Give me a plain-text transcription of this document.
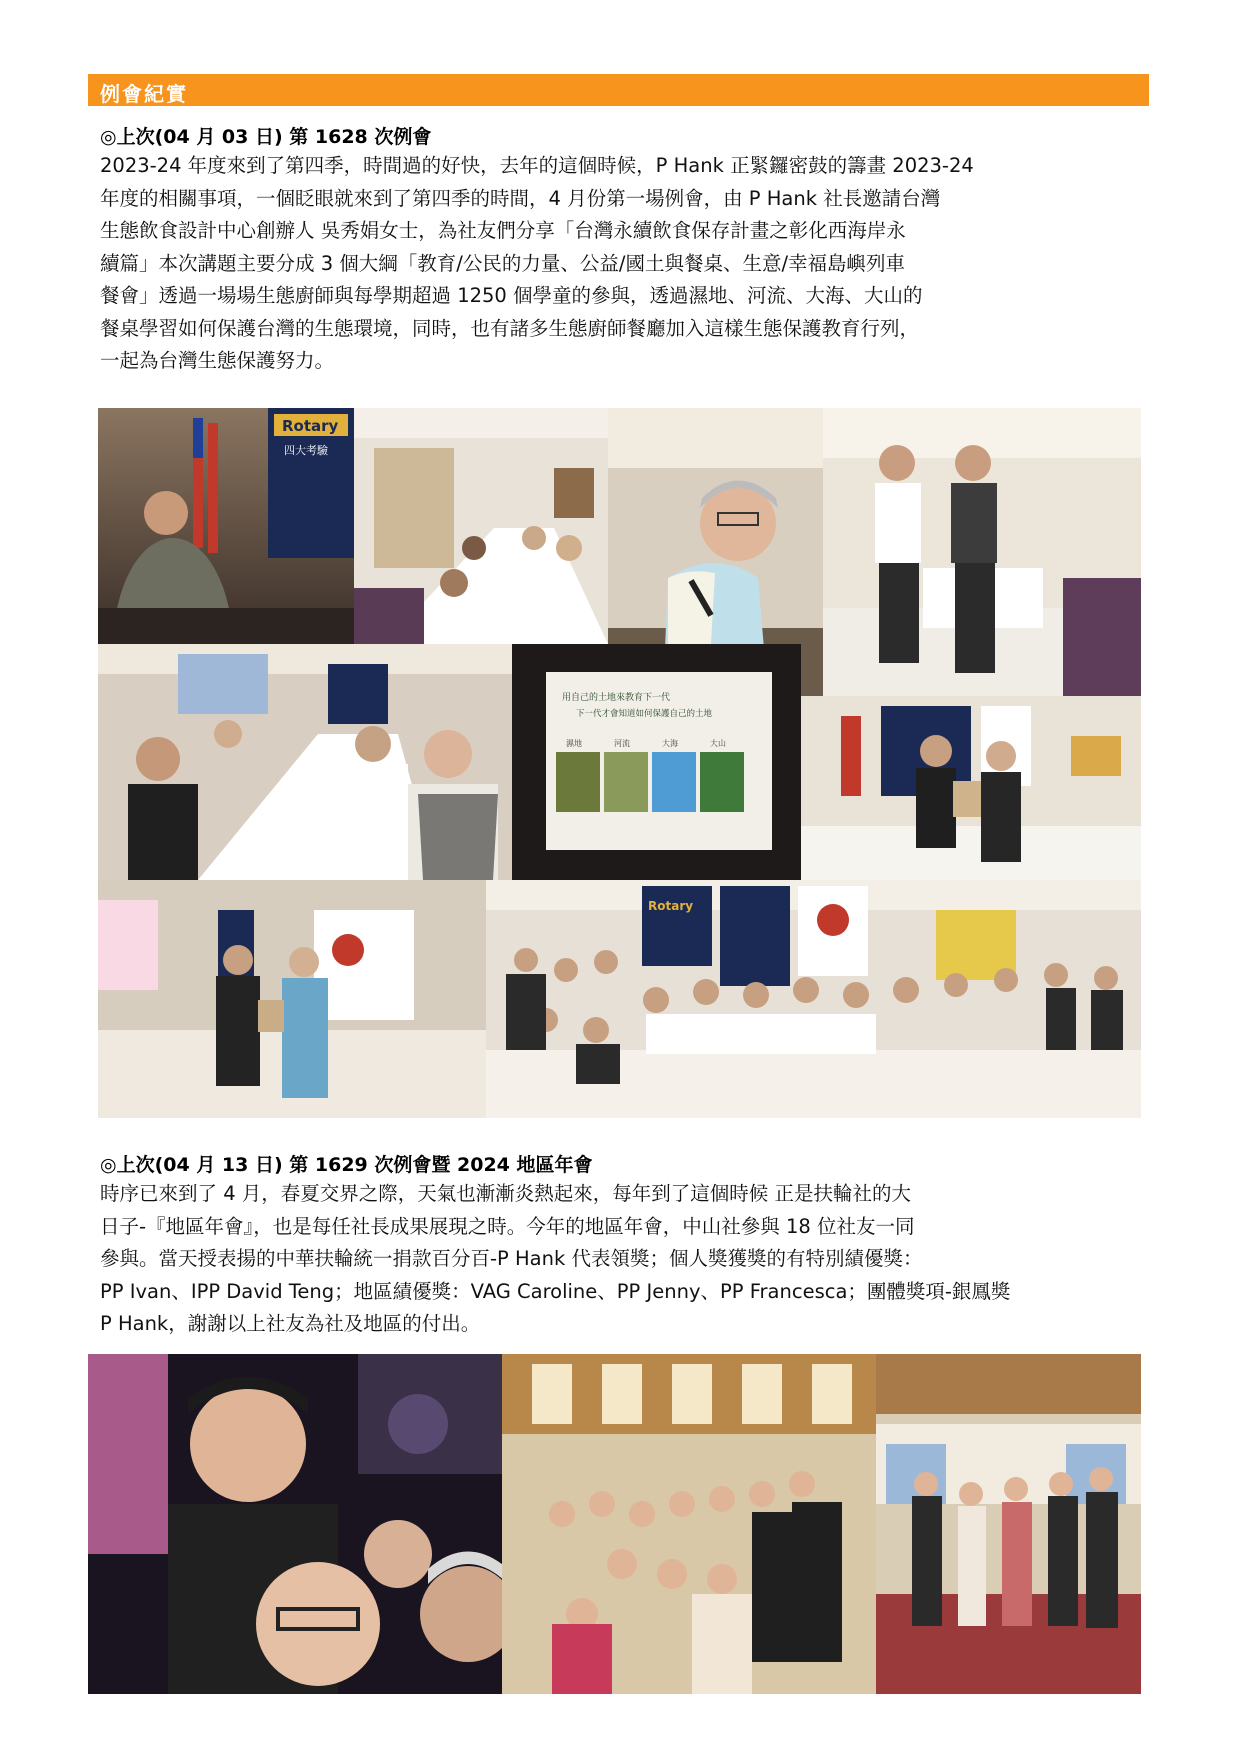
例會紀實
◎上次(04 月 03 日) 第 1628 次例會
2023-24 年度來到了第四季，時間過的好快，去年的這個時候，P Hank 正緊鑼密鼓的籌畫 2023-24
年度的相關事項，一個眨眼就來到了第四季的時間，4 月份第一場例會，由 P Hank 社長邀請台灣
生態飲食設計中心創辦人 吳秀娟女士，為社友們分享「台灣永續飲食保存計畫之彰化西海岸永
續篇」本次講題主要分成 3 個大綱「教育/公民的力量、公益/國土與餐桌、生意/幸福島嶼列車
餐會」透過一場場生態廚師與每學期超過 1250 個學童的參與，透過濕地、河流、大海、大山的
餐桌學習如何保護台灣的生態環境，同時，也有諸多生態廚師餐廳加入這樣生態保護教育行列，
一起為台灣生態保護努力。
Rotary
四大考驗
用自己的土地來教育下一代
下一代才會知道如何保護自己的土地
濕地	河流	大海	大山
Rotary
◎上次(04 月 13 日) 第 1629 次例會暨 2024 地區年會
時序已來到了 4 月，春夏交界之際，天氣也漸漸炎熱起來，每年到了這個時候 正是扶輪社的大
日子-『地區年會』，也是每任社長成果展現之時。今年的地區年會，中山社參與 18 位社友一同
參與。當天授表揚的中華扶輪統一捐款百分百-P Hank 代表領獎；個人獎獲獎的有特別績優獎：
PP Ivan、IPP David Teng；地區績優獎：VAG Caroline、PP Jenny、PP Francesca；團體獎項-銀鳳獎
P Hank，謝謝以上社友為社及地區的付出。
